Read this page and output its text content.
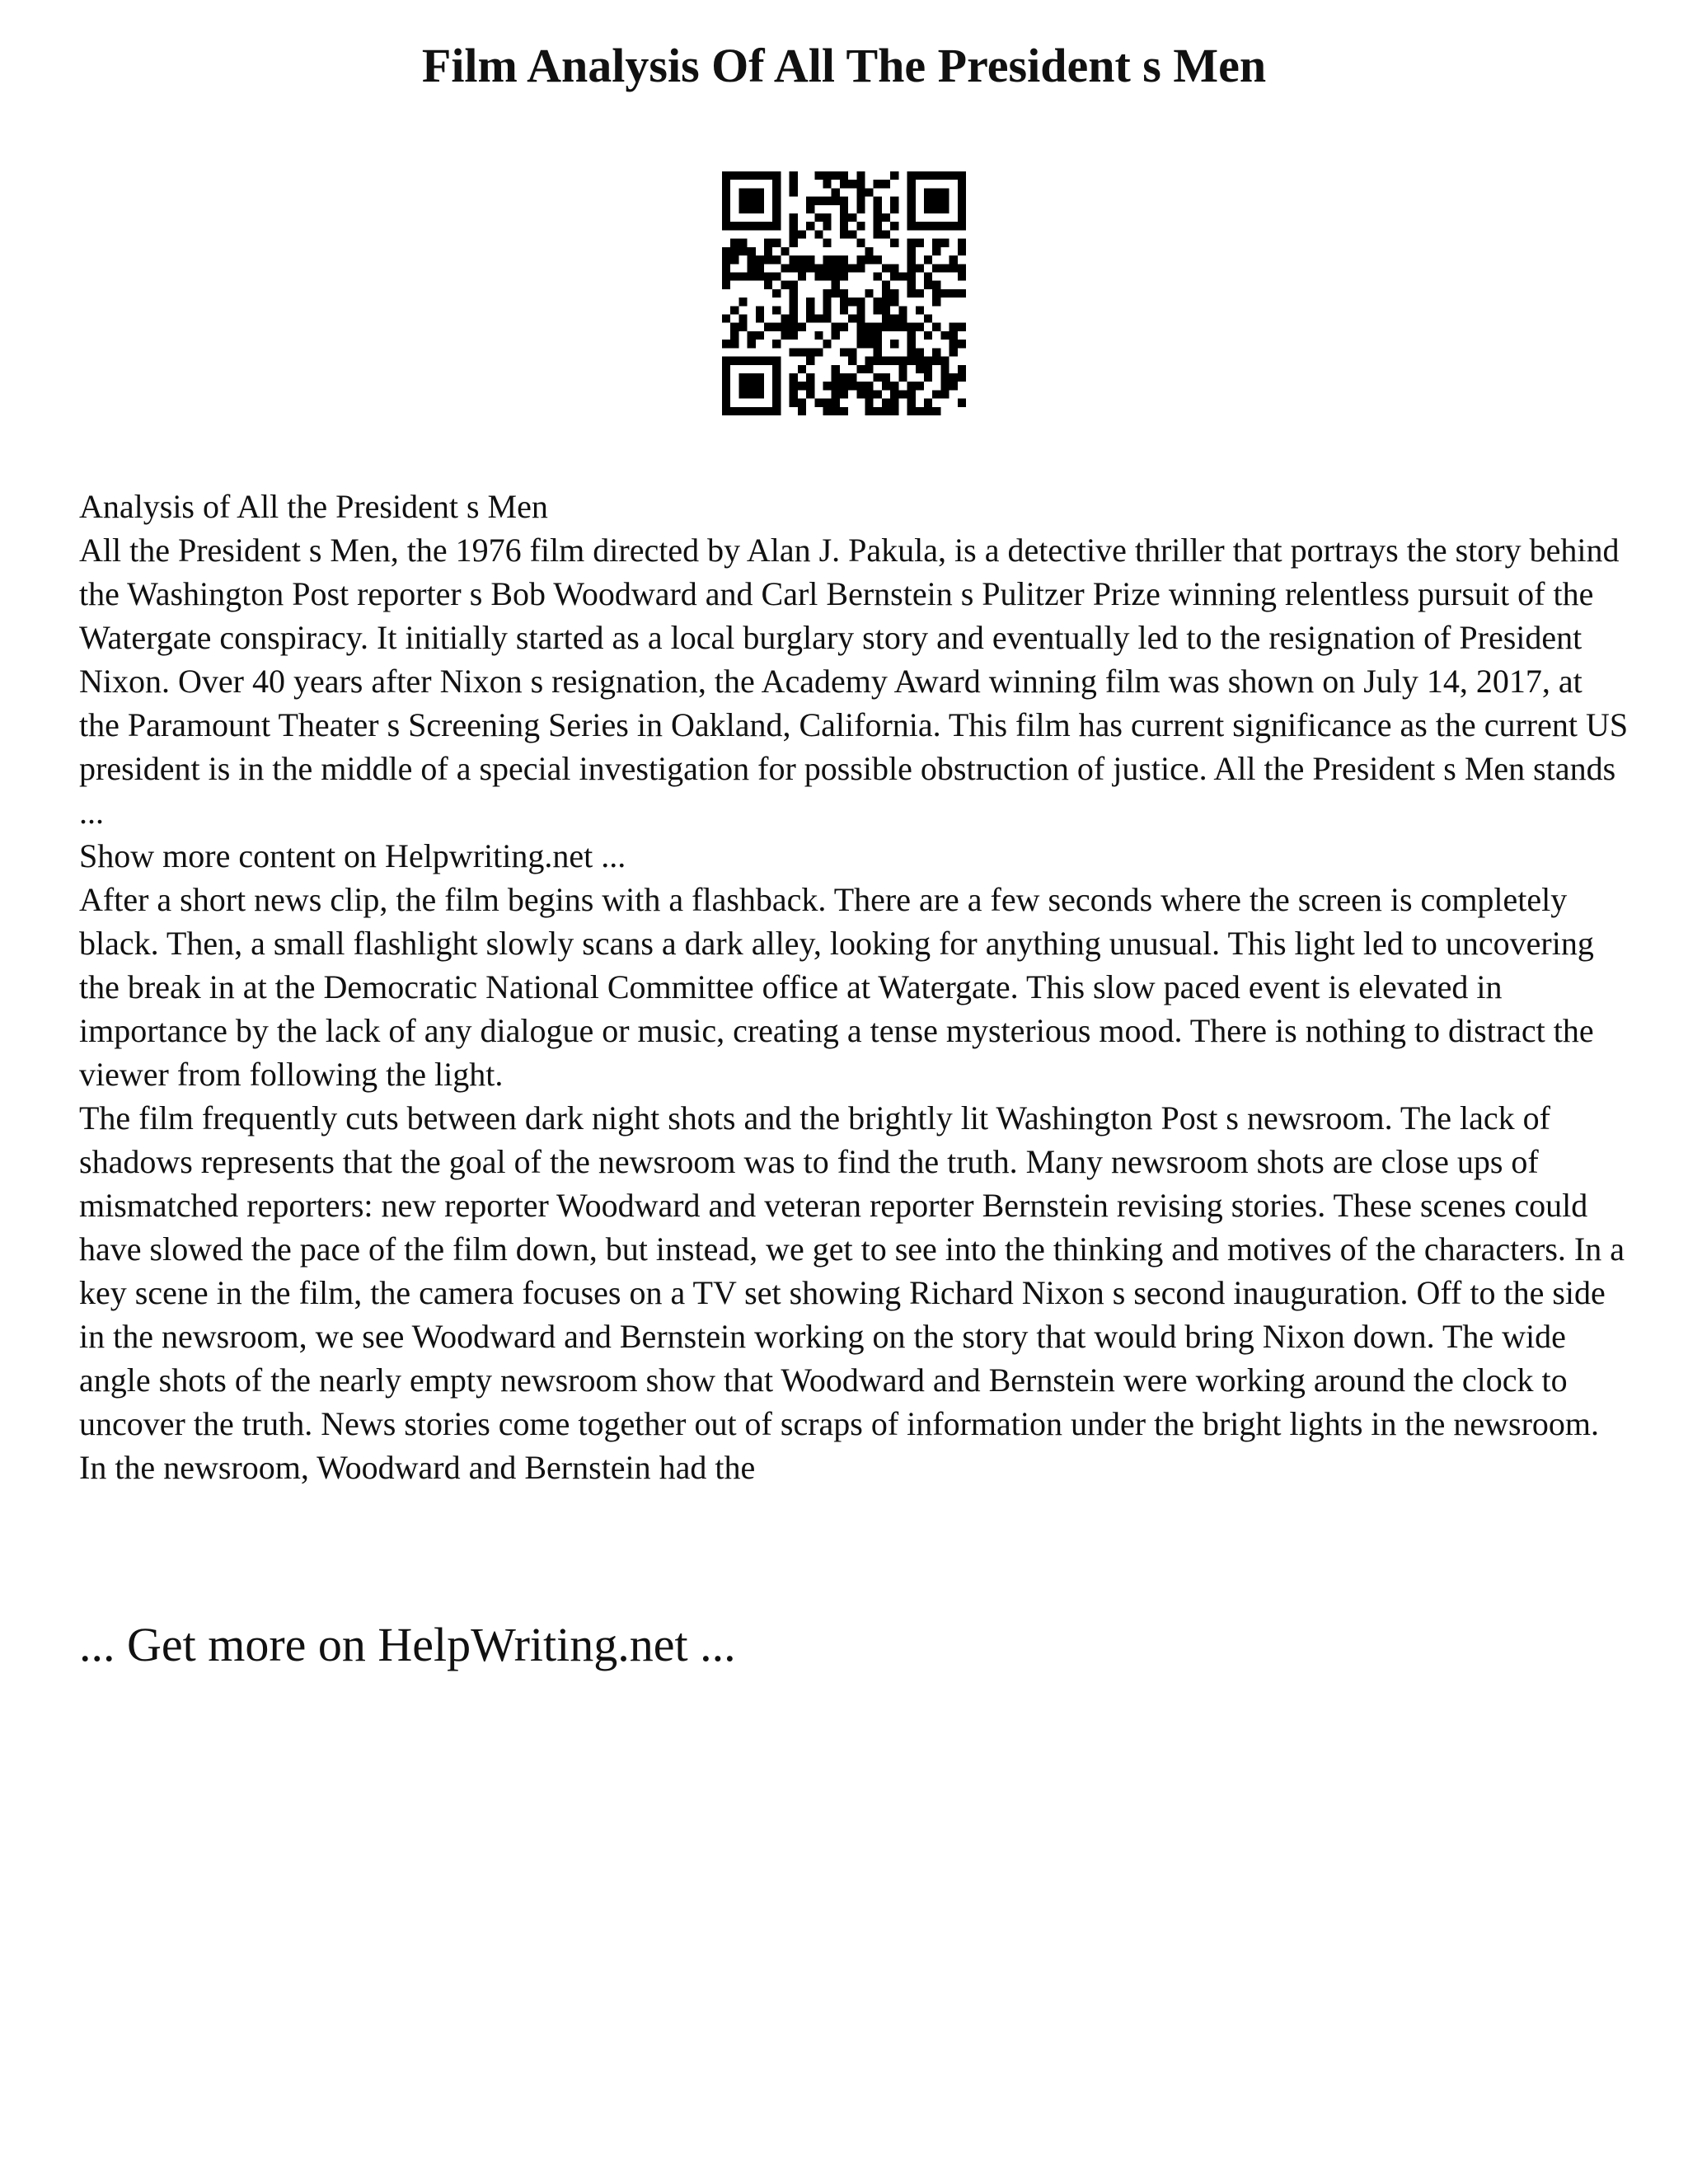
Film Analysis Of All The President s Men

Analysis of All the President s Men

All the President s Men, the 1976 film directed by Alan J. Pakula, is a detective thriller that portrays the story behind the Washington Post reporter s Bob Woodward and Carl Bernstein s Pulitzer Prize winning relentless pursuit of the Watergate conspiracy. It initially started as a local burglary story and eventually led to the resignation of President Nixon. Over 40 years after Nixon s resignation, the Academy Award winning film was shown on July 14, 2017, at the Paramount Theater s Screening Series in Oakland, California. This film has current significance as the current US president is in the middle of a special investigation for possible obstruction of justice. All the President s Men stands ...

Show more content on Helpwriting.net ...

After a short news clip, the film begins with a flashback. There are a few seconds where the screen is completely black. Then, a small flashlight slowly scans a dark alley, looking for anything unusual. This light led to uncovering the break in at the Democratic National Committee office at Watergate. This slow paced event is elevated in importance by the lack of any dialogue or music, creating a tense mysterious mood. There is nothing to distract the viewer from following the light.

The film frequently cuts between dark night shots and the brightly lit Washington Post s newsroom. The lack of shadows represents that the goal of the newsroom was to find the truth. Many newsroom shots are close ups of mismatched reporters: new reporter Woodward and veteran reporter Bernstein revising stories. These scenes could have slowed the pace of the film down, but instead, we get to see into the thinking and motives of the characters. In a key scene in the film, the camera focuses on a TV set showing Richard Nixon s second inauguration. Off to the side in the newsroom, we see Woodward and Bernstein working on the story that would bring Nixon down. The wide angle shots of the nearly empty newsroom show that Woodward and Bernstein were working around the clock to uncover the truth. News stories come together out of scraps of information under the bright lights in the newsroom.

In the newsroom, Woodward and Bernstein had the

... Get more on HelpWriting.net ...
